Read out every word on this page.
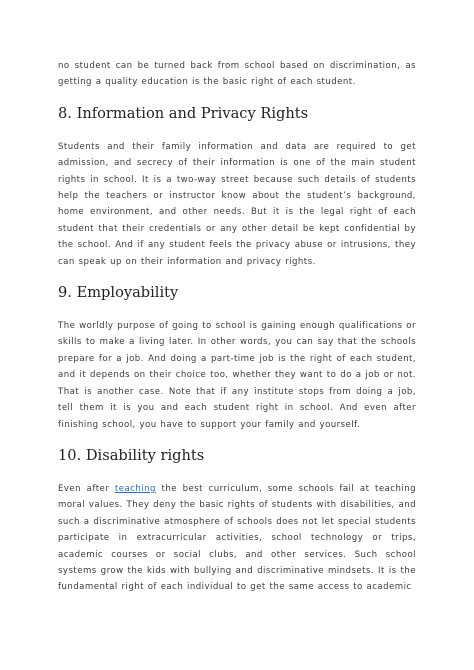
no student can be turned back from school based on discrimination, as getting a quality education is the basic right of each student.

8. Information and Privacy Rights

Students and their family information and data are required to get admission, and secrecy of their information is one of the main student rights in school. It is a two-way street because such details of students help the teachers or instructor know about the student’s background, home environment, and other needs. But it is the legal right of each student that their credentials or any other detail be kept confidential by the school. And if any student feels the privacy abuse or intrusions, they can speak up on their information and privacy rights.

9. Employability

The worldly purpose of going to school is gaining enough qualifications or skills to make a living later. In other words, you can say that the schools prepare for a job. And doing a part-time job is the right of each student, and it depends on their choice too, whether they want to do a job or not. That is another case. Note that if any institute stops from doing a job, tell them it is you and each student right in school. And even after finishing school, you have to support your family and yourself.

10. Disability rights

Even after teaching the best curriculum, some schools fail at teaching moral values. They deny the basic rights of students with disabilities, and such a discriminative atmosphere of schools does not let special students participate in extracurricular activities, school technology or trips, academic courses or social clubs, and other services. Such school systems grow the kids with bullying and discriminative mindsets. It is the fundamental right of each individual to get the same access to academic
